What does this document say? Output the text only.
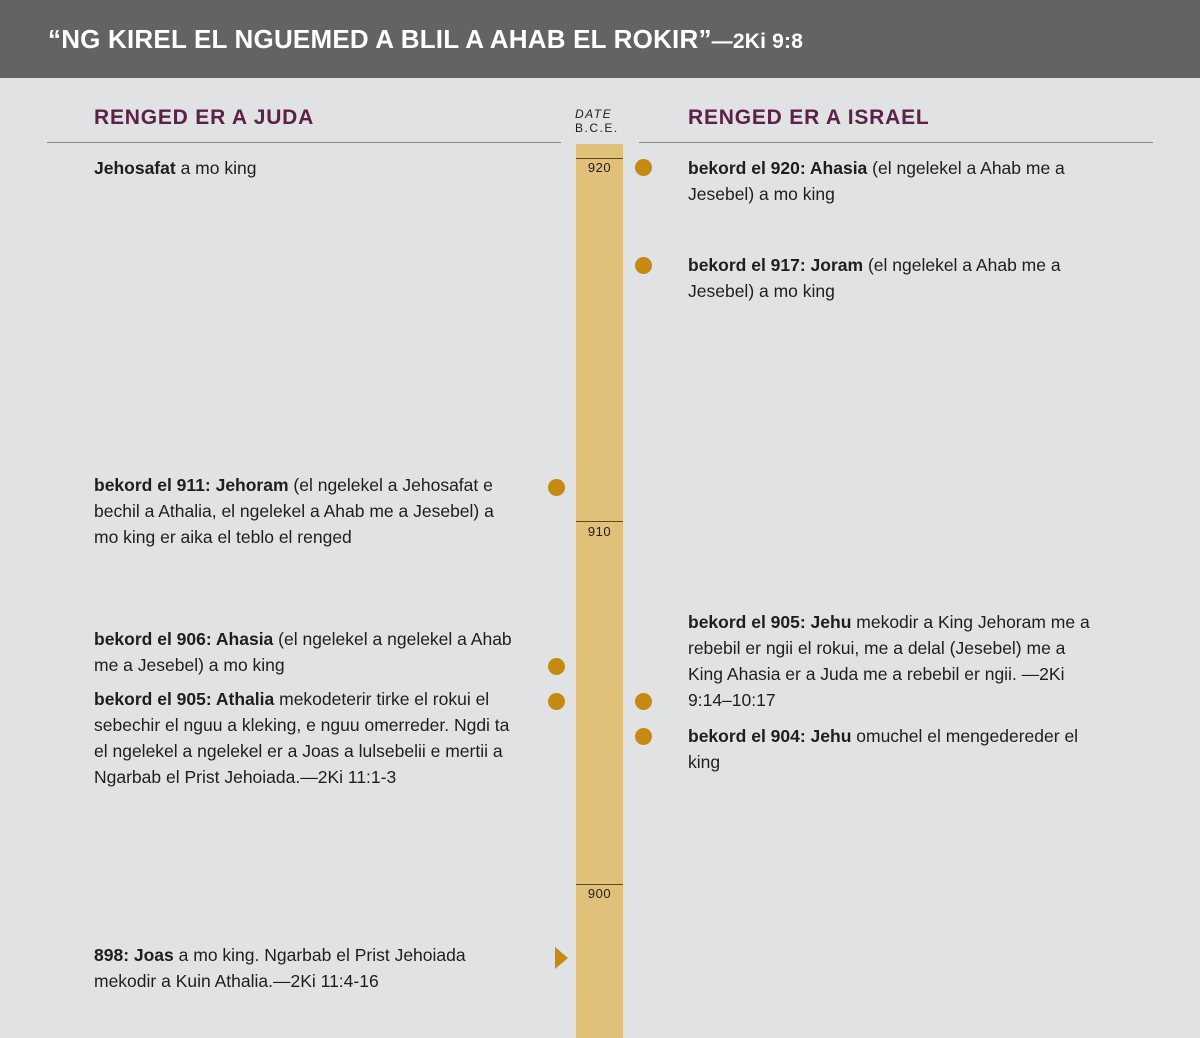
“NG KIREL EL NGUEMED A BLIL A AHAB EL ROKIR”—2Ki 9:8
RENGED ER A JUDA	RENGED ER A ISRAEL
DATE
B.C.E.
920
910
900

Jehosafat a mo king

bekord el 911: Jehoram (el ngelekel a Jehosafat e bechil a Athalia, el ngelekel a Ahab me a Jesebel) a mo king er aika el teblo el renged

bekord el 906: Ahasia (el ngelekel a ngelekel a Ahab me a Jesebel) a mo king

bekord el 905: Athalia mekodeterir tirke el rokui el sebechir el nguu a kleking, e nguu omerreder. Ngdi ta el ngelekel a ngelekel er a Joas a lulsebelii e mertii a Ngarbab el Prist Jehoiada.—2Ki 11:1-3

898: Joas a mo king. Ngarbab el Prist Jehoiada mekodir a Kuin Athalia.—2Ki 11:4-16

bekord el 920: Ahasia (el ngelekel a Ahab me a Jesebel) a mo king

bekord el 917: Joram (el ngelekel a Ahab me a Jesebel) a mo king

bekord el 905: Jehu mekodir a King Jehoram me a rebebil er ngii el rokui, me a delal (Jesebel) me a King Ahasia er a Juda me a rebebil er ngii. —2Ki 9:14–10:17

bekord el 904: Jehu omuchel el mengedereder el king
